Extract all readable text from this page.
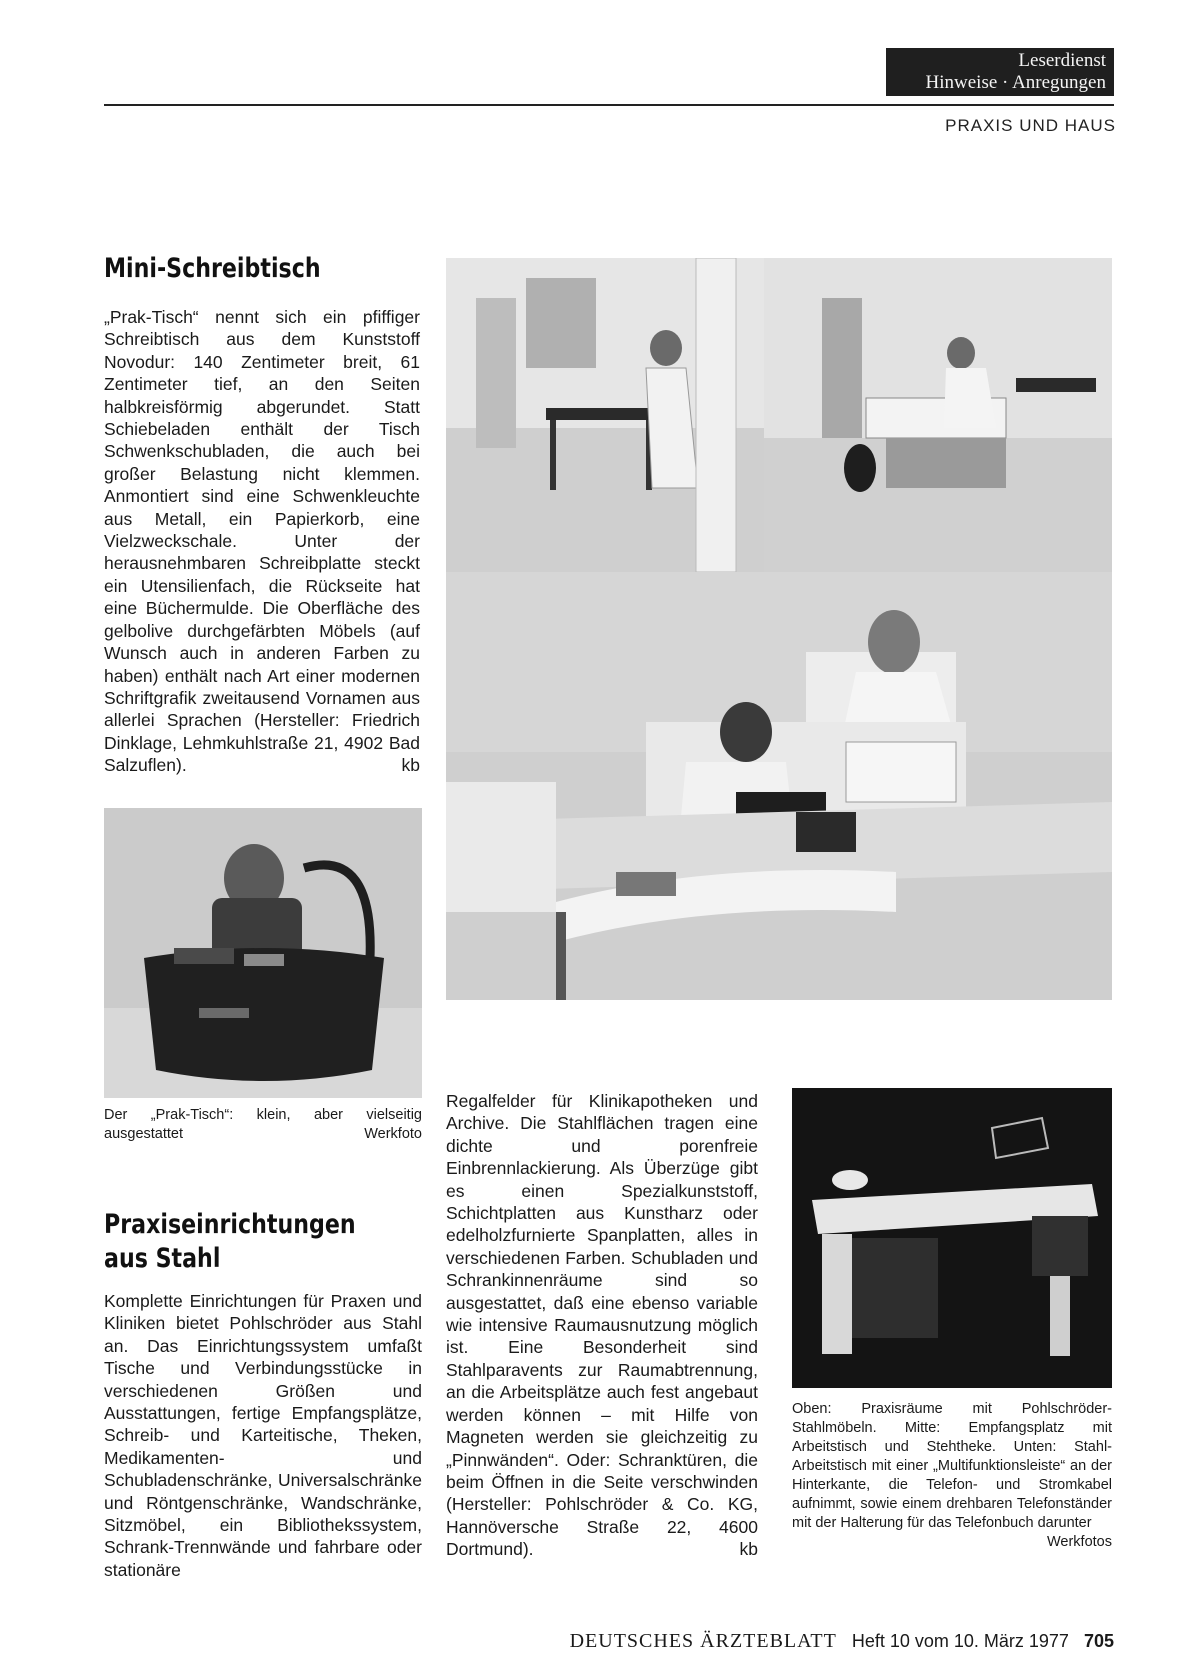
Leserdienst
Hinweise · Anregungen
PRAXIS UND HAUS
Mini-Schreibtisch
„Prak-Tisch“ nennt sich ein pfiffiger Schreibtisch aus dem Kunststoff Novodur: 140 Zentimeter breit, 61 Zentimeter tief, an den Seiten halbkreisförmig abgerundet. Statt Schiebeladen enthält der Tisch Schwenkschubladen, die auch bei großer Belastung nicht klemmen. Anmontiert sind eine Schwenkleuchte aus Metall, ein Papierkorb, eine Vielzweckschale. Unter der herausnehmbaren Schreibplatte steckt ein Utensilienfach, die Rückseite hat eine Büchermulde. Die Oberfläche des gelbolive durchgefärbten Möbels (auf Wunsch auch in anderen Farben zu haben) enthält nach Art einer modernen Schriftgrafik zweitausend Vornamen aus allerlei Sprachen (Hersteller: Friedrich Dinklage, Lehmkuhlstraße 21, 4902 Bad Salzuflen).	kb
Der „Prak-Tisch“: klein, aber vielseitig ausgestattet	Werkfoto
Praxiseinrichtungen
aus Stahl
Komplette Einrichtungen für Praxen und Kliniken bietet Pohlschröder aus Stahl an. Das Einrichtungssystem umfaßt Tische und Verbindungsstücke in verschiedenen Größen und Ausstattungen, fertige Empfangsplätze, Schreib- und Karteitische, Theken, Medikamenten- und Schubladenschränke, Universalschränke und Röntgenschränke, Wandschränke, Sitzmöbel, ein Bibliothekssystem, Schrank-Trennwände und fahrbare oder stationäre
Regalfelder für Klinikapotheken und Archive. Die Stahlflächen tragen eine dichte und porenfreie Einbrennlackierung. Als Überzüge gibt es einen Spezialkunststoff, Schichtplatten aus Kunstharz oder edelholzfurnierte Spanplatten, alles in verschiedenen Farben. Schubladen und Schrankinnenräume sind so ausgestattet, daß eine ebenso variable wie intensive Raumausnutzung möglich ist. Eine Besonderheit sind Stahlparavents zur Raumabtrennung, an die Arbeitsplätze auch fest angebaut werden können – mit Hilfe von Magneten werden sie gleichzeitig zu „Pinnwänden“. Oder: Schranktüren, die beim Öffnen in die Seite verschwinden (Hersteller: Pohlschröder & Co. KG, Hannöversche Straße 22, 4600 Dortmund).	kb
Oben: Praxisräume mit Pohlschröder-Stahlmöbeln. Mitte: Empfangsplatz mit Arbeitstisch und Stehtheke. Unten: Stahl-Arbeitstisch mit einer „Multifunktionsleiste“ an der Hinterkante, die Telefon- und Stromkabel aufnimmt, sowie einem drehbaren Telefonständer mit der Halterung für das Telefonbuch darunter
Werkfotos
DEUTSCHES ÄRZTEBLATT Heft 10 vom 10. März 1977 705
